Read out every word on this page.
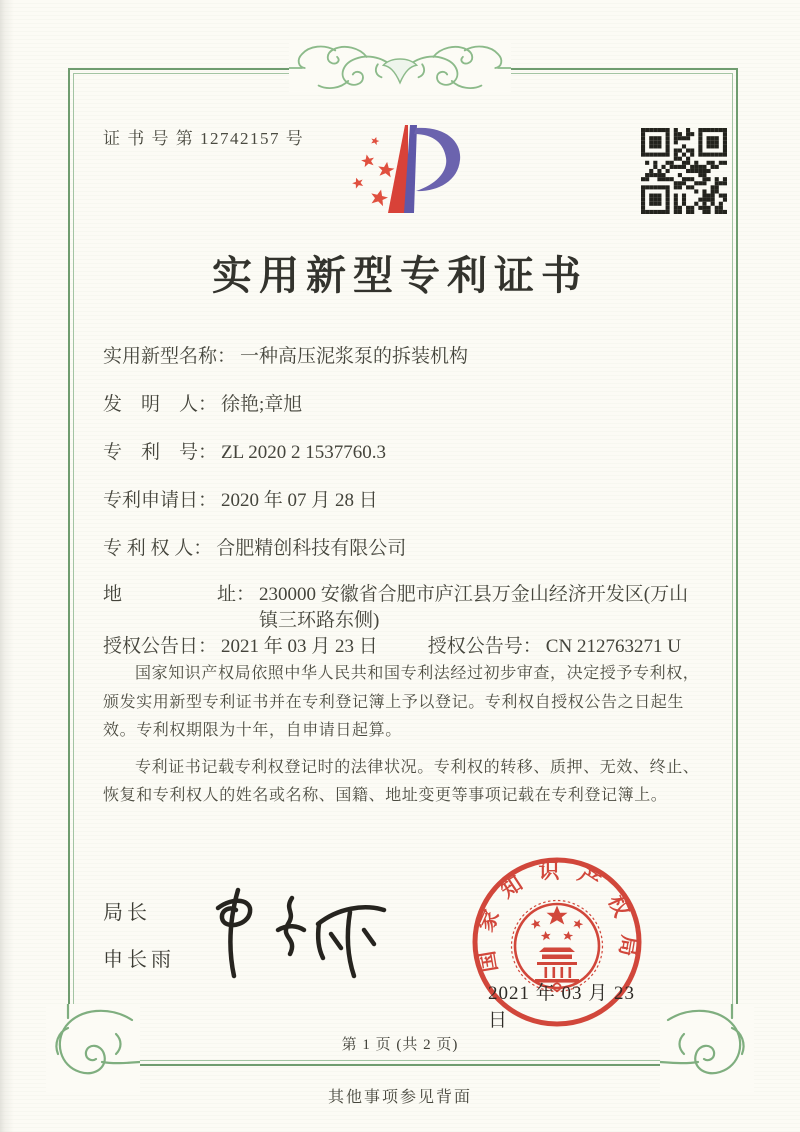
证 书 号 第 12742157 号
实用新型专利证书
实用新型名称： 一种高压泥浆泵的拆装机构
发　明　人： 徐艳;章旭
专　利　号： ZL 2020 2 1537760.3
专利申请日： 2020 年 07 月 28 日
专 利 权 人： 合肥精创科技有限公司
地　　　　　址： 230000 安徽省合肥市庐江县万金山经济开发区(万山镇三环路东侧)
授权公告日： 2021 年 03 月 23 日	授权公告号： CN 212763271 U

国家知识产权局依照中华人民共和国专利法经过初步审查，决定授予专利权，颁发实用新型专利证书并在专利登记簿上予以登记。专利权自授权公告之日起生效。专利权期限为十年，自申请日起算。

专利证书记载专利权登记时的法律状况。专利权的转移、质押、无效、终止、恢复和专利权人的姓名或名称、国籍、地址变更等事项记载在专利登记簿上。

局长
申长雨	国家知识产权局
2021 年 03 月 23 日
第 1 页 (共 2 页)
其他事项参见背面
